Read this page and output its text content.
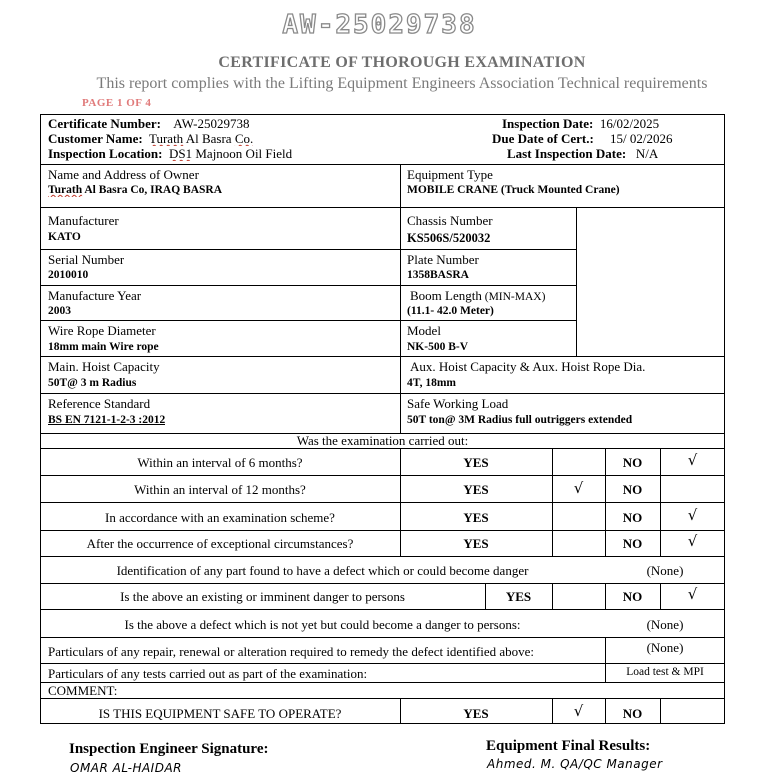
AW-25029738
CERTIFICATE OF THOROUGH EXAMINATION
This report complies with the Lifting Equipment Engineers Association Technical requirements
PAGE 1 OF 4
Certificate Number: AW-25029738
Customer Name: Turath Al Basra Co.
Inspection Location: DS1 Majnoon Oil Field
Inspection Date: 16/02/2025
Due Date of Cert.: 15/ 02/2026
Last Inspection Date: N/A
Name and Address of Owner
Turath Al Basra Co, IRAQ BASRA
Equipment Type
MOBILE CRANE (Truck Mounted Crane)
Manufacturer
KATO
Chassis Number
KS506S/520032
Serial Number
2010010
Plate Number
1358BASRA
Manufacture Year
2003
Boom Length (MIN-MAX)
(11.1- 42.0 Meter)
Wire Rope Diameter
18mm main Wire rope
Model
NK-500 B-V
Main. Hoist Capacity
50T@ 3 m Radius
Aux. Hoist Capacity & Aux. Hoist Rope Dia.
4T, 18mm
Reference Standard
BS EN 7121-1-2-3 :2012
Safe Working Load
50T ton@ 3M Radius full outriggers extended
Was the examination carried out:
Within an interval of 6 months?	YES	NO	√
Within an interval of 12 months?	YES	√	NO
In accordance with an examination scheme?	YES	NO	√
After the occurrence of exceptional circumstances?	YES	NO	√
Identification of any part found to have a defect which or could become danger	(None)
Is the above an existing or imminent danger to persons	YES	NO	√
Is the above a defect which is not yet but could become a danger to persons:	(None)
Particulars of any repair, renewal or alteration required to remedy the defect identified above:	(None)
Particulars of any tests carried out as part of the examination:	Load test & MPI
COMMENT:
IS THIS EQUIPMENT SAFE TO OPERATE?	YES	√	NO
Inspection Engineer Signature:
OMAR AL-HAIDAR
Equipment Final Results:
Ahmed. M. QA/QC Manager
